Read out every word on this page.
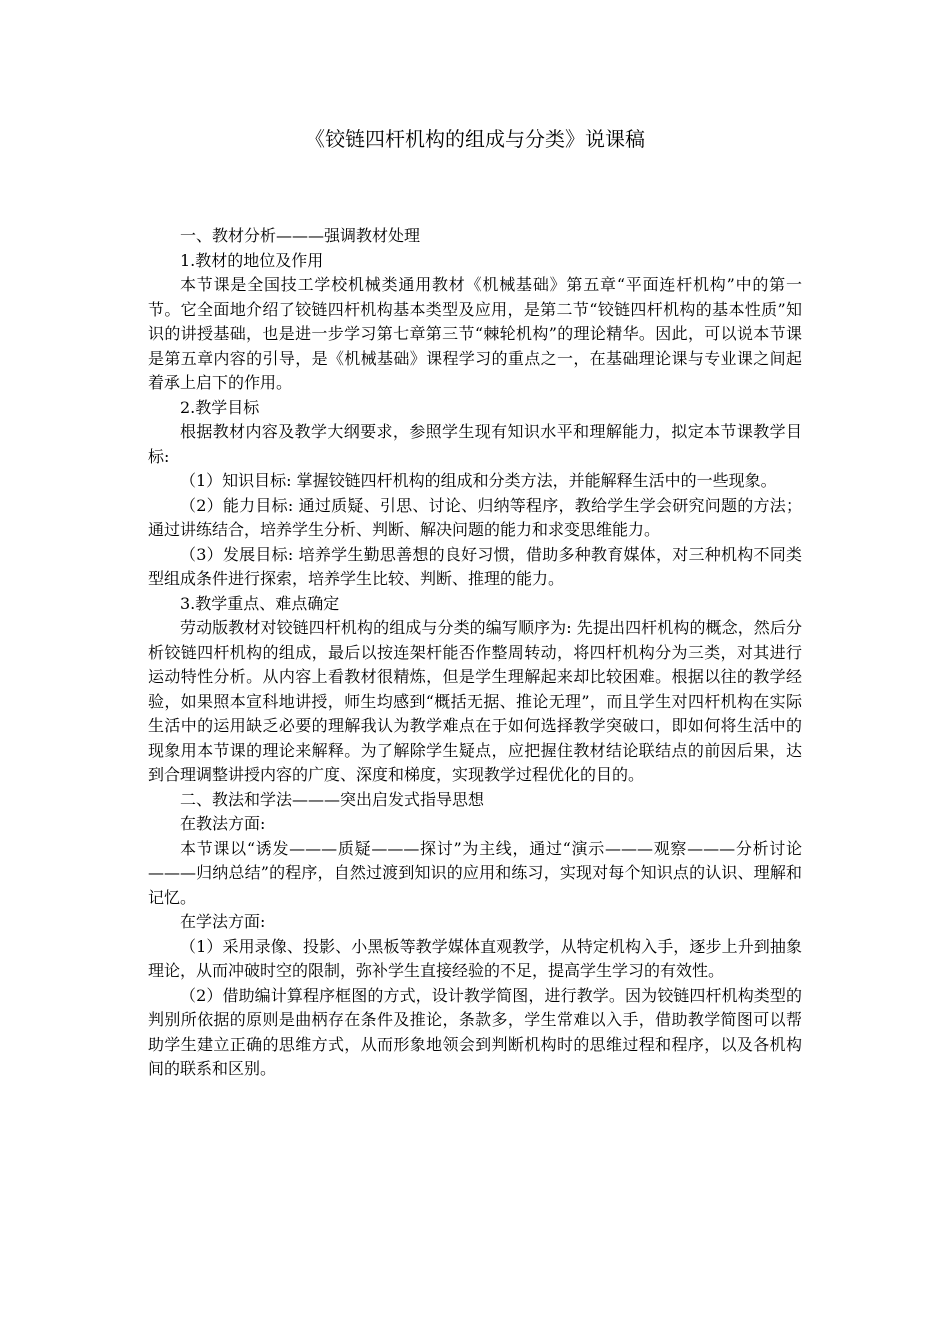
《铰链四杆机构的组成与分类》说课稿

一、教材分析———强调教材处理

1.教材的地位及作用

本节课是全国技工学校机械类通用教材《机械基础》第五章“平面连杆机构”中的第一节。它全面地介绍了铰链四杆机构基本类型及应用，是第二节“铰链四杆机构的基本性质”知识的讲授基础，也是进一步学习第七章第三节“棘轮机构”的理论精华。因此，可以说本节课是第五章内容的引导，是《机械基础》课程学习的重点之一，在基础理论课与专业课之间起着承上启下的作用。

2.教学目标

根据教材内容及教学大纲要求，参照学生现有知识水平和理解能力，拟定本节课教学目标:

（1）知识目标: 掌握铰链四杆机构的组成和分类方法，并能解释生活中的一些现象。

（2）能力目标: 通过质疑、引思、讨论、归纳等程序，教给学生学会研究问题的方法；通过讲练结合，培养学生分析、判断、解决问题的能力和求变思维能力。

（3）发展目标: 培养学生勤思善想的良好习惯，借助多种教育媒体，对三种机构不同类型组成条件进行探索，培养学生比较、判断、推理的能力。

3.教学重点、难点确定

劳动版教材对铰链四杆机构的组成与分类的编写顺序为: 先提出四杆机构的概念，然后分析铰链四杆机构的组成，最后以按连架杆能否作整周转动，将四杆机构分为三类，对其进行运动特性分析。从内容上看教材很精炼，但是学生理解起来却比较困难。根据以往的教学经验，如果照本宣科地讲授，师生均感到“概括无据、推论无理”，而且学生对四杆机构在实际生活中的运用缺乏必要的理解我认为教学难点在于如何选择教学突破口，即如何将生活中的现象用本节课的理论来解释。为了解除学生疑点，应把握住教材结论联结点的前因后果，达到合理调整讲授内容的广度、深度和梯度，实现教学过程优化的目的。

二、教法和学法———突出启发式指导思想

在教法方面:

本节课以“诱发———质疑———探讨”为主线，通过“演示———观察———分析讨论———归纳总结”的程序，自然过渡到知识的应用和练习，实现对每个知识点的认识、理解和记忆。

在学法方面:

（1）采用录像、投影、小黑板等教学媒体直观教学，从特定机构入手，逐步上升到抽象理论，从而冲破时空的限制，弥补学生直接经验的不足，提高学生学习的有效性。

（2）借助编计算程序框图的方式，设计教学简图，进行教学。因为铰链四杆机构类型的判别所依据的原则是曲柄存在条件及推论，条款多，学生常难以入手，借助教学简图可以帮助学生建立正确的思维方式，从而形象地领会到判断机构时的思维过程和程序，以及各机构间的联系和区别。
